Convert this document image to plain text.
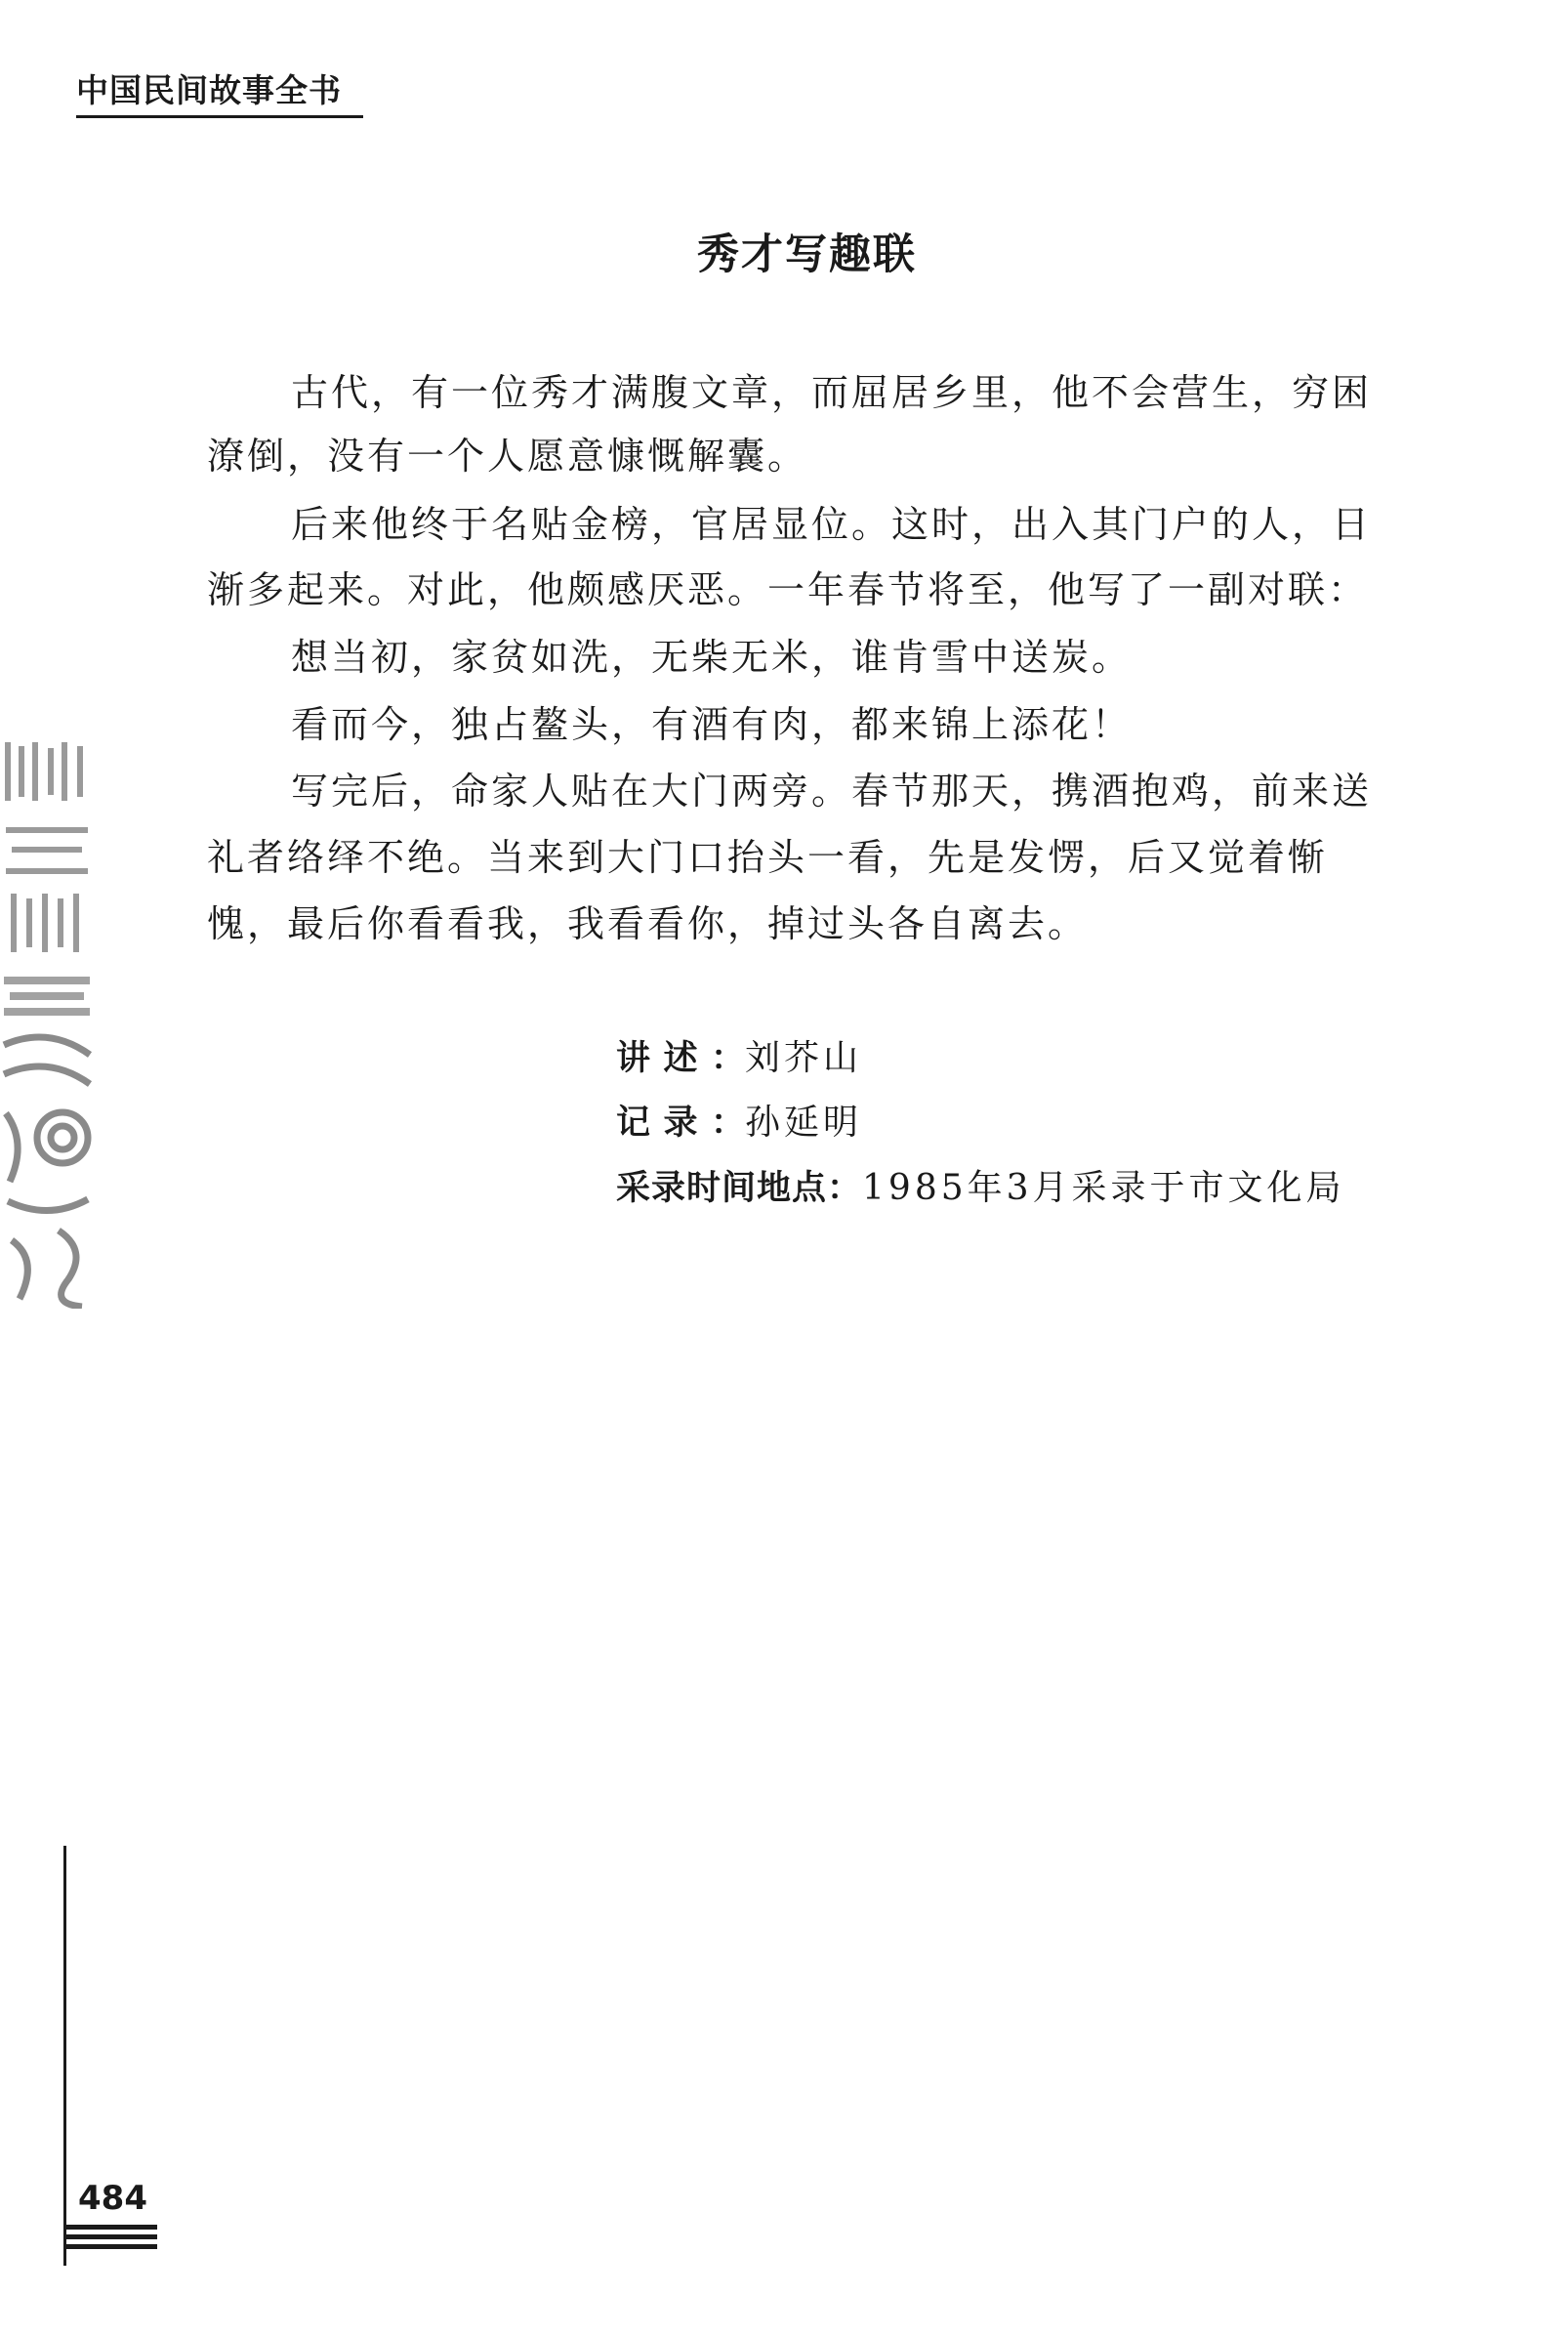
中国民间故事全书
秀才写趣联
古代，有一位秀才满腹文章，而屈居乡里，他不会营生，穷困
潦倒，没有一个人愿意慷慨解囊。
后来他终于名贴金榜，官居显位。这时，出入其门户的人，日
渐多起来。对此，他颇感厌恶。一年春节将至，他写了一副对联：
想当初，家贫如洗，无柴无米，谁肯雪中送炭。
看而今，独占鳌头，有酒有肉，都来锦上添花！
写完后，命家人贴在大门两旁。春节那天，携酒抱鸡，前来送
礼者络绎不绝。当来到大门口抬头一看，先是发愣，后又觉着惭
愧，最后你看看我，我看看你，掉过头各自离去。
讲述：刘芥山
记录：孙延明
采录时间地点：1985年3月采录于市文化局
484
